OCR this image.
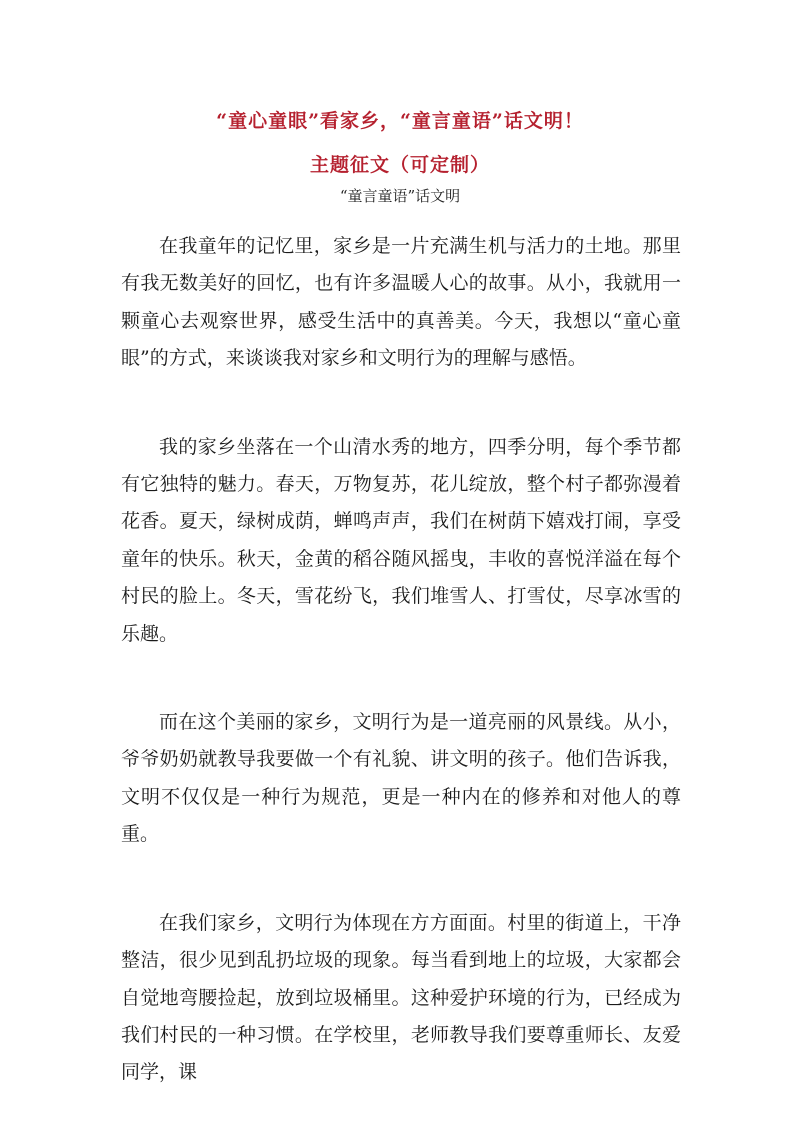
“童心童眼”看家乡，“童言童语”话文明！
主题征文（可定制）
“童言童语”话文明

在我童年的记忆里，家乡是一片充满生机与活力的土地。那里有我无数美好的回忆，也有许多温暖人心的故事。从小，我就用一颗童心去观察世界，感受生活中的真善美。今天，我想以“童心童眼”的方式，来谈谈我对家乡和文明行为的理解与感悟。

我的家乡坐落在一个山清水秀的地方，四季分明，每个季节都有它独特的魅力。春天，万物复苏，花儿绽放，整个村子都弥漫着花香。夏天，绿树成荫，蝉鸣声声，我们在树荫下嬉戏打闹，享受童年的快乐。秋天，金黄的稻谷随风摇曳，丰收的喜悦洋溢在每个村民的脸上。冬天，雪花纷飞，我们堆雪人、打雪仗，尽享冰雪的乐趣。

而在这个美丽的家乡，文明行为是一道亮丽的风景线。从小，爷爷奶奶就教导我要做一个有礼貌、讲文明的孩子。他们告诉我，文明不仅仅是一种行为规范，更是一种内在的修养和对他人的尊重。

在我们家乡，文明行为体现在方方面面。村里的街道上，干净整洁，很少见到乱扔垃圾的现象。每当看到地上的垃圾，大家都会自觉地弯腰捡起，放到垃圾桶里。这种爱护环境的行为，已经成为我们村民的一种习惯。在学校里，老师教导我们要尊重师长、友爱同学，课
